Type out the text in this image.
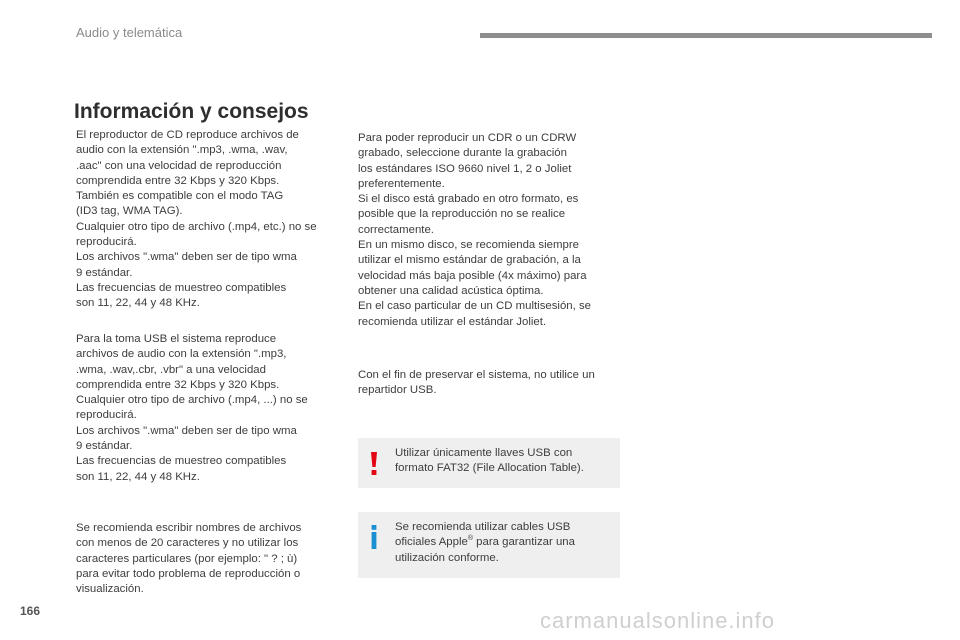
Audio y telemática
Información y consejos

El reproductor de CD reproduce archivos de

audio con la extensión ".mp3, .wma, .wav,

.aac" con una velocidad de reproducción

comprendida entre 32 Kbps y 320 Kbps.

También es compatible con el modo TAG

(ID3 tag, WMA TAG).

Cualquier otro tipo de archivo (.mp4, etc.) no se

reproducirá.

Los archivos ".wma" deben ser de tipo wma

9 estándar.

Las frecuencias de muestreo compatibles

son 11, 22, 44 y 48 KHz.

Para la toma USB el sistema reproduce

archivos de audio con la extensión ".mp3,

.wma, .wav,.cbr, .vbr" a una velocidad

comprendida entre 32 Kbps y 320 Kbps.

Cualquier otro tipo de archivo (.mp4, ...) no se

reproducirá.

Los archivos ".wma" deben ser de tipo wma

9 estándar.

Las frecuencias de muestreo compatibles

son 11, 22, 44 y 48 KHz.

Se recomienda escribir nombres de archivos

con menos de 20 caracteres y no utilizar los

caracteres particulares (por ejemplo: " ? ; ù)

para evitar todo problema de reproducción o

visualización.

Para poder reproducir un CDR o un CDRW

grabado, seleccione durante la grabación

los estándares ISO 9660 nivel 1, 2 o Joliet

preferentemente.

Si el disco está grabado en otro formato, es

posible que la reproducción no se realice

correctamente.

En un mismo disco, se recomienda siempre

utilizar el mismo estándar de grabación, a la

velocidad más baja posible (4x máximo) para

obtener una calidad acústica óptima.

En el caso particular de un CD multisesión, se

recomienda utilizar el estándar Joliet.

Con el fin de preservar el sistema, no utilice un

repartidor USB.

Utilizar únicamente llaves USB con
formato FAT32 (File Allocation Table).
Se recomienda utilizar cables USB
oficiales Apple® para garantizar una
utilización conforme.
166	carmanualsonline.info
